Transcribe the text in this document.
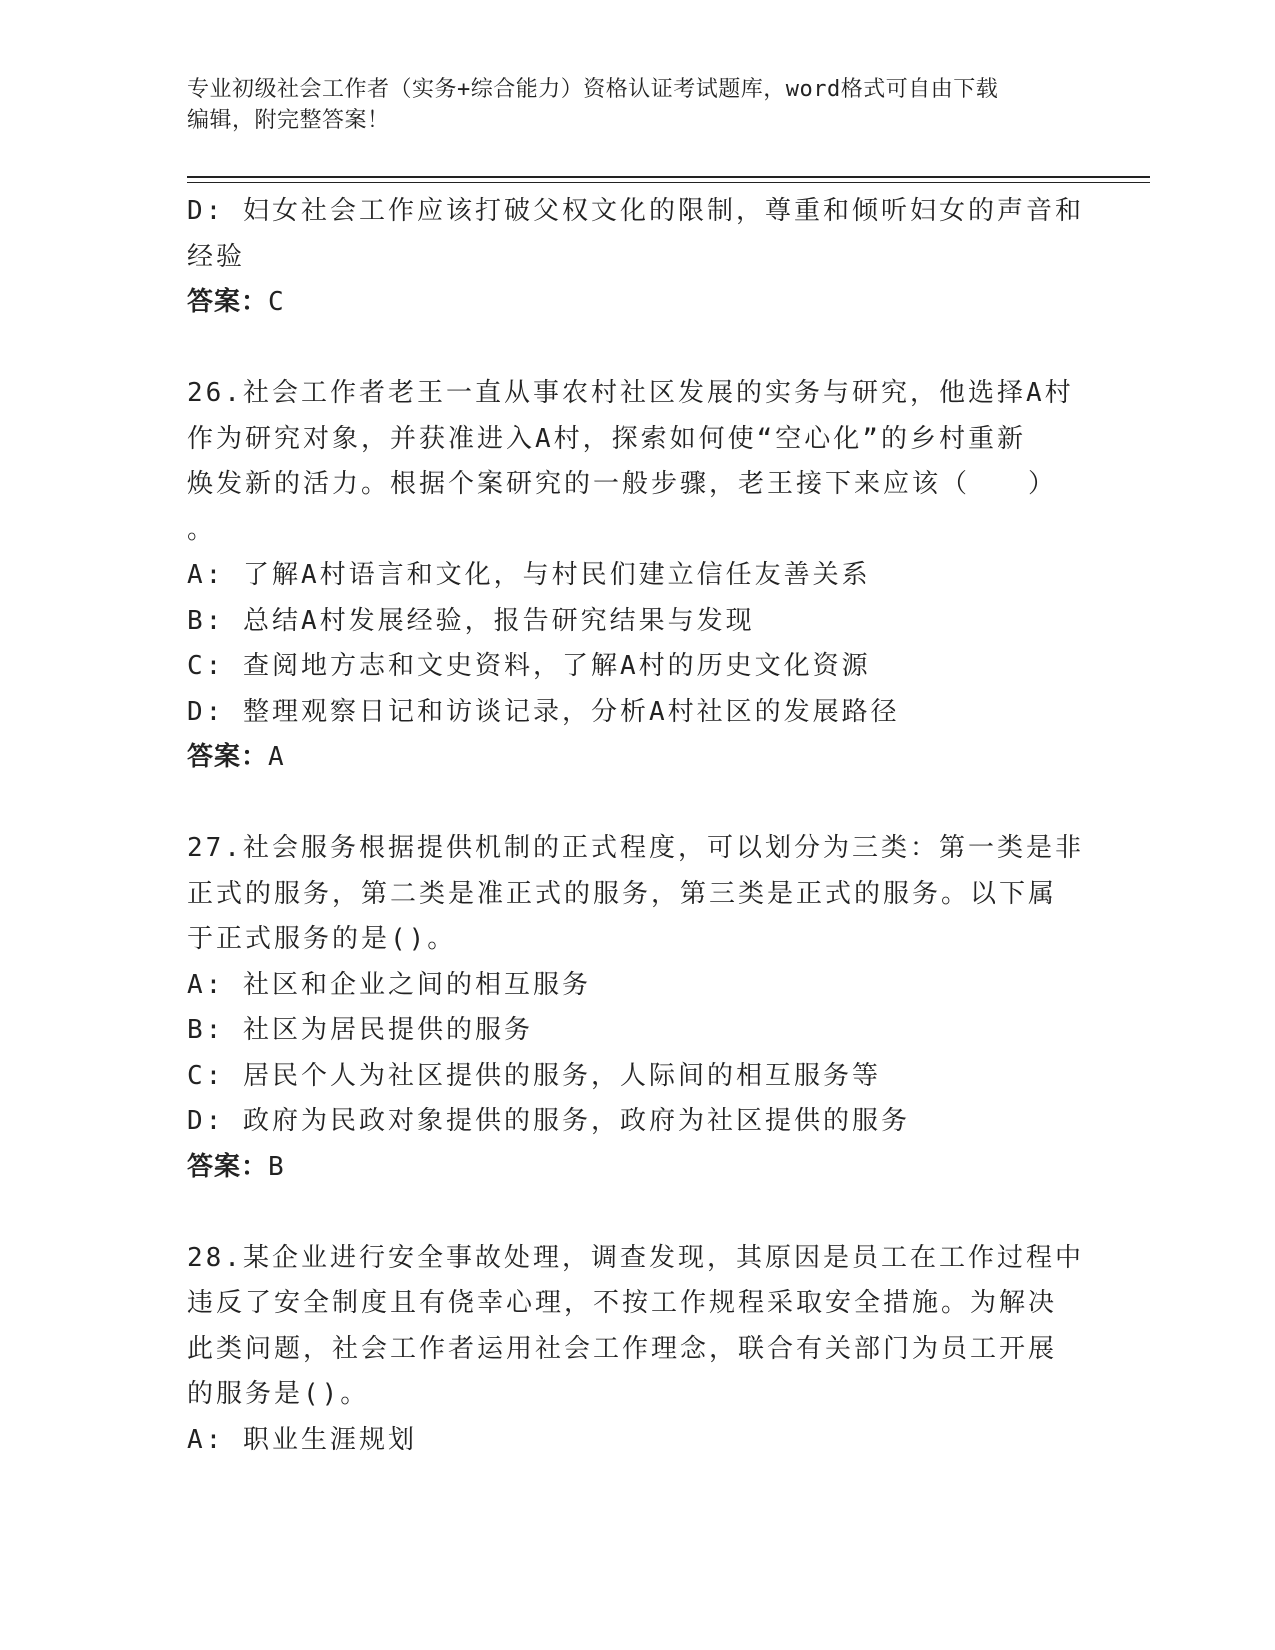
专业初级社会工作者（实务+综合能力）资格认证考试题库，word格式可自由下载
编辑，附完整答案！
D: 妇女社会工作应该打破父权文化的限制，尊重和倾听妇女的声音和
经验
答案：C
26.社会工作者老王一直从事农村社区发展的实务与研究，他选择A村
作为研究对象，并获准进入A村，探索如何使“空心化”的乡村重新
焕发新的活力。根据个案研究的一般步骤，老王接下来应该（　　）
。
A: 了解A村语言和文化，与村民们建立信任友善关系
B: 总结A村发展经验，报告研究结果与发现
C: 查阅地方志和文史资料，了解A村的历史文化资源
D: 整理观察日记和访谈记录，分析A村社区的发展路径
答案：A
27.社会服务根据提供机制的正式程度，可以划分为三类：第一类是非
正式的服务，第二类是准正式的服务，第三类是正式的服务。以下属
于正式服务的是()。
A: 社区和企业之间的相互服务
B: 社区为居民提供的服务
C: 居民个人为社区提供的服务，人际间的相互服务等
D: 政府为民政对象提供的服务，政府为社区提供的服务
答案：B
28.某企业进行安全事故处理，调查发现，其原因是员工在工作过程中
违反了安全制度且有侥幸心理，不按工作规程采取安全措施。为解决
此类问题，社会工作者运用社会工作理念，联合有关部门为员工开展
的服务是()。
A: 职业生涯规划
